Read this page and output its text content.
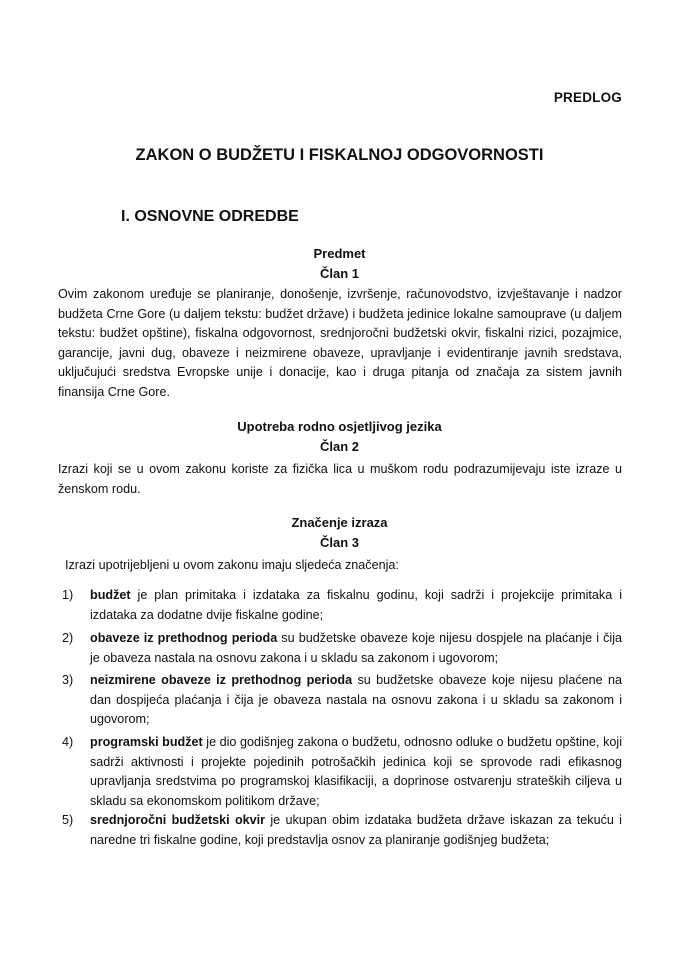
PREDLOG
ZAKON O BUDŽETU I FISKALNOJ ODGOVORNOSTI
I. OSNOVNE ODREDBE
Predmet
Član 1
Ovim zakonom uređuje se planiranje, donošenje, izvršenje, računovodstvo, izvještavanje i nadzor budžeta Crne Gore (u daljem tekstu: budžet države) i budžeta jedinice lokalne samouprave (u daljem tekstu: budžet opštine), fiskalna odgovornost, srednjoročni budžetski okvir, fiskalni rizici, pozajmice, garancije, javni dug, obaveze i neizmirene obaveze, upravljanje i evidentiranje javnih sredstava, uključujući sredstva Evropske unije i donacije, kao i druga pitanja od značaja za sistem javnih finansija Crne Gore.
Upotreba rodno osjetljivog jezika
Član 2
Izrazi koji se u ovom zakonu koriste za fizička lica u muškom rodu podrazumijevaju iste izraze u ženskom rodu.
Značenje izraza
Član 3
Izrazi upotrijebljeni u ovom zakonu imaju sljedeća značenja:
1)	budžet je plan primitaka i izdataka za fiskalnu godinu, koji sadrži i projekcije primitaka i izdataka za dodatne dvije fiskalne godine;
2)	obaveze iz prethodnog perioda su budžetske obaveze koje nijesu dospjele na plaćanje i čija je obaveza nastala na osnovu zakona i u skladu sa zakonom i ugovorom;
3)	neizmirene obaveze iz prethodnog perioda su budžetske obaveze koje nijesu plaćene na dan dospijeća plaćanja i čija je obaveza nastala na osnovu zakona i u skladu sa zakonom i ugovorom;
4)	programski budžet je dio godišnjeg zakona o budžetu, odnosno odluke o budžetu opštine, koji sadrži aktivnosti i projekte pojedinih potrošačkih jedinica koji se sprovode radi efikasnog upravljanja sredstvima po programskoj klasifikaciji, a doprinose ostvarenju strateških ciljeva u skladu sa ekonomskom politikom države;
5)	srednjoročni budžetski okvir je ukupan obim izdataka budžeta države iskazan za tekuću i naredne tri fiskalne godine, koji predstavlja osnov za planiranje godišnjeg budžeta;
